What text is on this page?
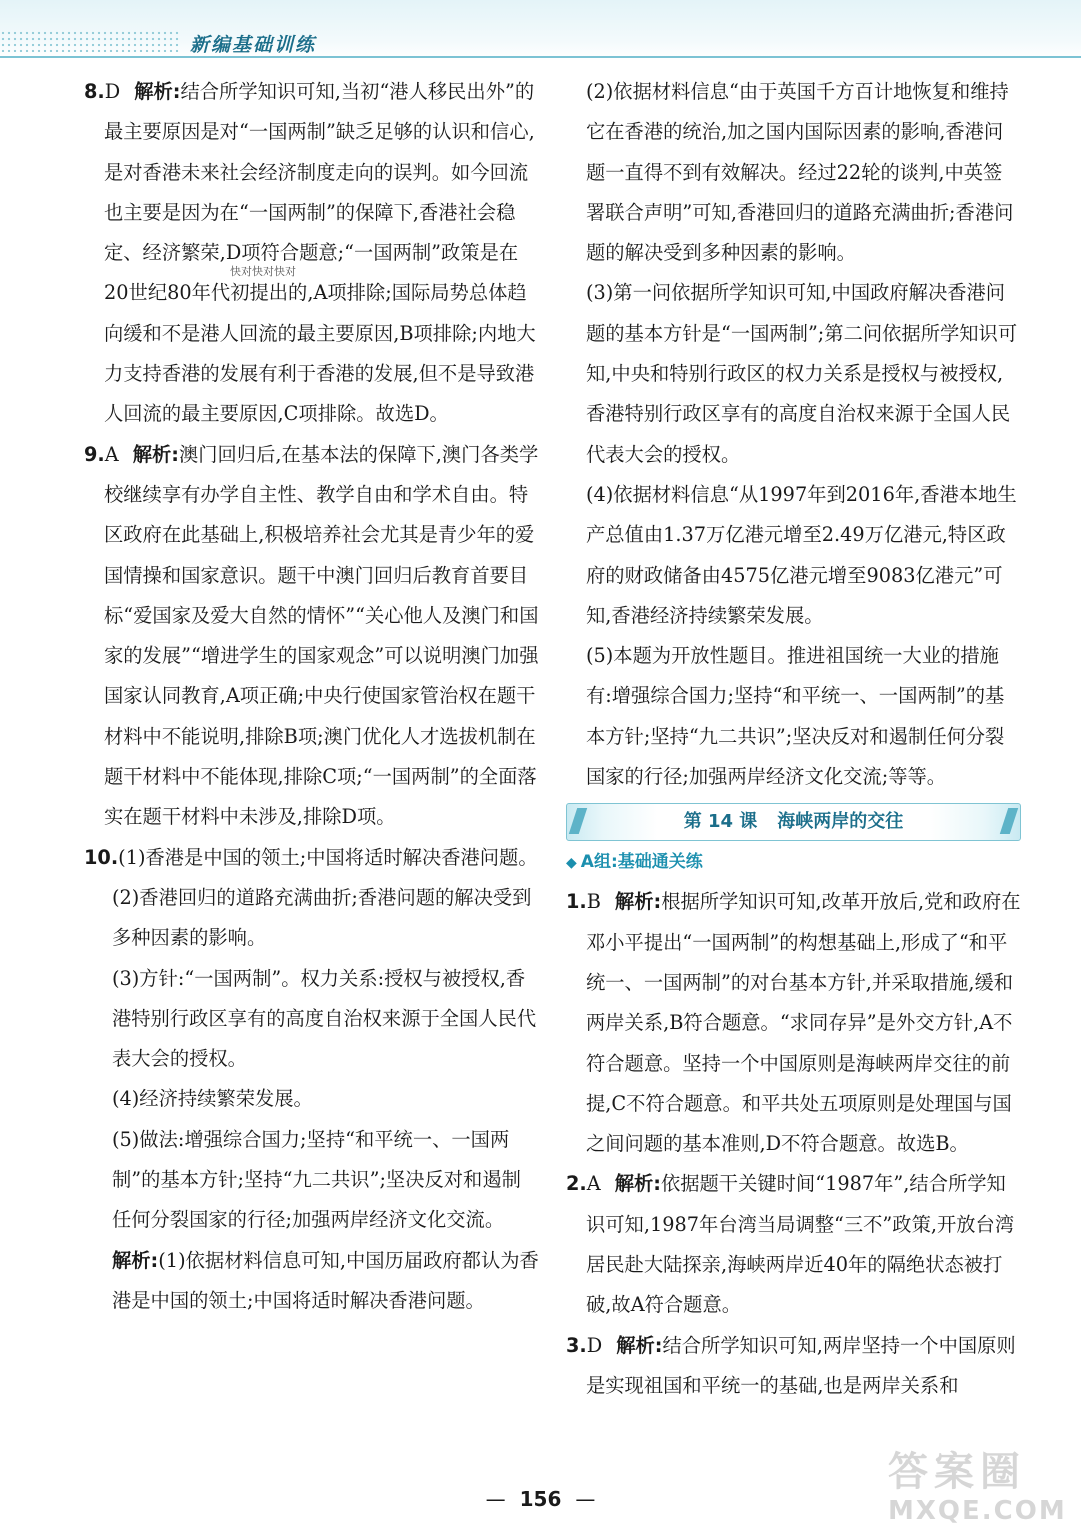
新编基础训练
8.D 解析:结合所学知识可知,当初“港人移民出外”的最主要原因是对“一国两制”缺乏足够的认识和信心,是对香港未来社会经济制度走向的误判。如今回流也主要是因为在“一国两制”的保障下,香港社会稳定、经济繁荣,D项符合题意;“一国两制”政策是在20世纪80年代初提出的,A项排除;国际局势总体趋向缓和不是港人回流的最主要原因,B项排除;内地大力支持香港的发展有利于香港的发展,但不是导致港人回流的最主要原因,C项排除。故选D。
9.A 解析:澳门回归后,在基本法的保障下,澳门各类学校继续享有办学自主性、教学自由和学术自由。特区政府在此基础上,积极培养社会尤其是青少年的爱国情操和国家意识。题干中澳门回归后教育首要目标“爱国家及爱大自然的情怀”“关心他人及澳门和国家的发展”“增进学生的国家观念”可以说明澳门加强国家认同教育,A项正确;中央行使国家管治权在题干材料中不能说明,排除B项;澳门优化人才选拔机制在题干材料中不能体现,排除C项;“一国两制”的全面落实在题干材料中未涉及,排除D项。
10.(1)香港是中国的领土;中国将适时解决香港问题。
(2)香港回归的道路充满曲折;香港问题的解决受到多种因素的影响。
(3)方针:“一国两制”。权力关系:授权与被授权,香港特别行政区享有的高度自治权来源于全国人民代表大会的授权。
(4)经济持续繁荣发展。
(5)做法:增强综合国力;坚持“和平统一、一国两制”的基本方针;坚持“九二共识”;坚决反对和遏制任何分裂国家的行径;加强两岸经济文化交流。
解析:(1)依据材料信息可知,中国历届政府都认为香港是中国的领土;中国将适时解决香港问题。
快对快对快对
(2)依据材料信息“由于英国千方百计地恢复和维持它在香港的统治,加之国内国际因素的影响,香港问题一直得不到有效解决。经过22轮的谈判,中英签署联合声明”可知,香港回归的道路充满曲折;香港问题的解决受到多种因素的影响。
(3)第一问依据所学知识可知,中国政府解决香港问题的基本方针是“一国两制”;第二问依据所学知识可知,中央和特别行政区的权力关系是授权与被授权,香港特别行政区享有的高度自治权来源于全国人民代表大会的授权。
(4)依据材料信息“从1997年到2016年,香港本地生产总值由1.37万亿港元增至2.49万亿港元,特区政府的财政储备由4575亿港元增至9083亿港元”可知,香港经济持续繁荣发展。
(5)本题为开放性题目。推进祖国统一大业的措施有:增强综合国力;坚持“和平统一、一国两制”的基本方针;坚持“九二共识”;坚决反对和遏制任何分裂国家的行径;加强两岸经济文化交流;等等。
第 14 课 海峡两岸的交往
◆ A组:基础通关练
1.B 解析:根据所学知识可知,改革开放后,党和政府在邓小平提出“一国两制”的构想基础上,形成了“和平统一、一国两制”的对台基本方针,并采取措施,缓和两岸关系,B符合题意。“求同存异”是外交方针,A不符合题意。坚持一个中国原则是海峡两岸交往的前提,C不符合题意。和平共处五项原则是处理国与国之间问题的基本准则,D不符合题意。故选B。
2.A 解析:依据题干关键时间“1987年”,结合所学知识可知,1987年台湾当局调整“三不”政策,开放台湾居民赴大陆探亲,海峡两岸近40年的隔绝状态被打破,故A符合题意。
3.D 解析:结合所学知识可知,两岸坚持一个中国原则是实现祖国和平统一的基础,也是两岸关系和
— 156 —
答案圈
MXQE.COM
